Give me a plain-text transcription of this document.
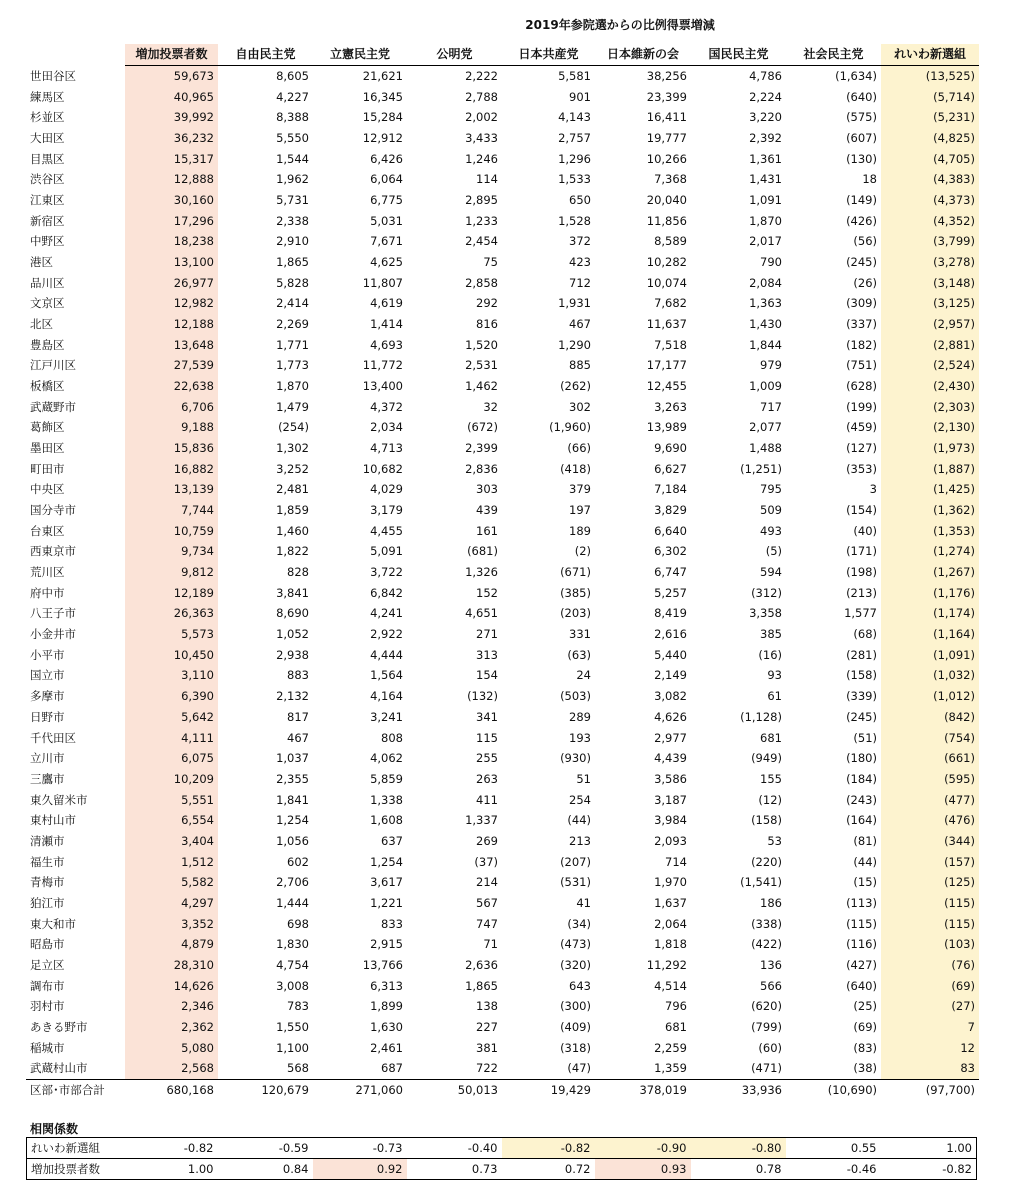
2019年参院選からの比例得票増減
	増加投票者数	自由民主党	立憲民主党	公明党	日本共産党	日本維新の会	国民民主党	社会民主党	れいわ新選組
世田谷区	59,673	8,605	21,621	2,222	5,581	38,256	4,786	(1,634)	(13,525)
練馬区	40,965	4,227	16,345	2,788	901	23,399	2,224	(640)	(5,714)
杉並区	39,992	8,388	15,284	2,002	4,143	16,411	3,220	(575)	(5,231)
大田区	36,232	5,550	12,912	3,433	2,757	19,777	2,392	(607)	(4,825)
目黒区	15,317	1,544	6,426	1,246	1,296	10,266	1,361	(130)	(4,705)
渋谷区	12,888	1,962	6,064	114	1,533	7,368	1,431	18	(4,383)
江東区	30,160	5,731	6,775	2,895	650	20,040	1,091	(149)	(4,373)
新宿区	17,296	2,338	5,031	1,233	1,528	11,856	1,870	(426)	(4,352)
中野区	18,238	2,910	7,671	2,454	372	8,589	2,017	(56)	(3,799)
港区	13,100	1,865	4,625	75	423	10,282	790	(245)	(3,278)
品川区	26,977	5,828	11,807	2,858	712	10,074	2,084	(26)	(3,148)
文京区	12,982	2,414	4,619	292	1,931	7,682	1,363	(309)	(3,125)
北区	12,188	2,269	1,414	816	467	11,637	1,430	(337)	(2,957)
豊島区	13,648	1,771	4,693	1,520	1,290	7,518	1,844	(182)	(2,881)
江戸川区	27,539	1,773	11,772	2,531	885	17,177	979	(751)	(2,524)
板橋区	22,638	1,870	13,400	1,462	(262)	12,455	1,009	(628)	(2,430)
武蔵野市	6,706	1,479	4,372	32	302	3,263	717	(199)	(2,303)
葛飾区	9,188	(254)	2,034	(672)	(1,960)	13,989	2,077	(459)	(2,130)
墨田区	15,836	1,302	4,713	2,399	(66)	9,690	1,488	(127)	(1,973)
町田市	16,882	3,252	10,682	2,836	(418)	6,627	(1,251)	(353)	(1,887)
中央区	13,139	2,481	4,029	303	379	7,184	795	3	(1,425)
国分寺市	7,744	1,859	3,179	439	197	3,829	509	(154)	(1,362)
台東区	10,759	1,460	4,455	161	189	6,640	493	(40)	(1,353)
西東京市	9,734	1,822	5,091	(681)	(2)	6,302	(5)	(171)	(1,274)
荒川区	9,812	828	3,722	1,326	(671)	6,747	594	(198)	(1,267)
府中市	12,189	3,841	6,842	152	(385)	5,257	(312)	(213)	(1,176)
八王子市	26,363	8,690	4,241	4,651	(203)	8,419	3,358	1,577	(1,174)
小金井市	5,573	1,052	2,922	271	331	2,616	385	(68)	(1,164)
小平市	10,450	2,938	4,444	313	(63)	5,440	(16)	(281)	(1,091)
国立市	3,110	883	1,564	154	24	2,149	93	(158)	(1,032)
多摩市	6,390	2,132	4,164	(132)	(503)	3,082	61	(339)	(1,012)
日野市	5,642	817	3,241	341	289	4,626	(1,128)	(245)	(842)
千代田区	4,111	467	808	115	193	2,977	681	(51)	(754)
立川市	6,075	1,037	4,062	255	(930)	4,439	(949)	(180)	(661)
三鷹市	10,209	2,355	5,859	263	51	3,586	155	(184)	(595)
東久留米市	5,551	1,841	1,338	411	254	3,187	(12)	(243)	(477)
東村山市	6,554	1,254	1,608	1,337	(44)	3,984	(158)	(164)	(476)
清瀬市	3,404	1,056	637	269	213	2,093	53	(81)	(344)
福生市	1,512	602	1,254	(37)	(207)	714	(220)	(44)	(157)
青梅市	5,582	2,706	3,617	214	(531)	1,970	(1,541)	(15)	(125)
狛江市	4,297	1,444	1,221	567	41	1,637	186	(113)	(115)
東大和市	3,352	698	833	747	(34)	2,064	(338)	(115)	(115)
昭島市	4,879	1,830	2,915	71	(473)	1,818	(422)	(116)	(103)
足立区	28,310	4,754	13,766	2,636	(320)	11,292	136	(427)	(76)
調布市	14,626	3,008	6,313	1,865	643	4,514	566	(640)	(69)
羽村市	2,346	783	1,899	138	(300)	796	(620)	(25)	(27)
あきる野市	2,362	1,550	1,630	227	(409)	681	(799)	(69)	7
稲城市	5,080	1,100	2,461	381	(318)	2,259	(60)	(83)	12
武蔵村山市	2,568	568	687	722	(47)	1,359	(471)	(38)	83
区部･市部合計	680,168	120,679	271,060	50,013	19,429	378,019	33,936	(10,690)	(97,700)
相関係数
れいわ新選組	-0.82	-0.59	-0.73	-0.40	-0.82	-0.90	-0.80	0.55	1.00
増加投票者数	1.00	0.84	0.92	0.73	0.72	0.93	0.78	-0.46	-0.82
